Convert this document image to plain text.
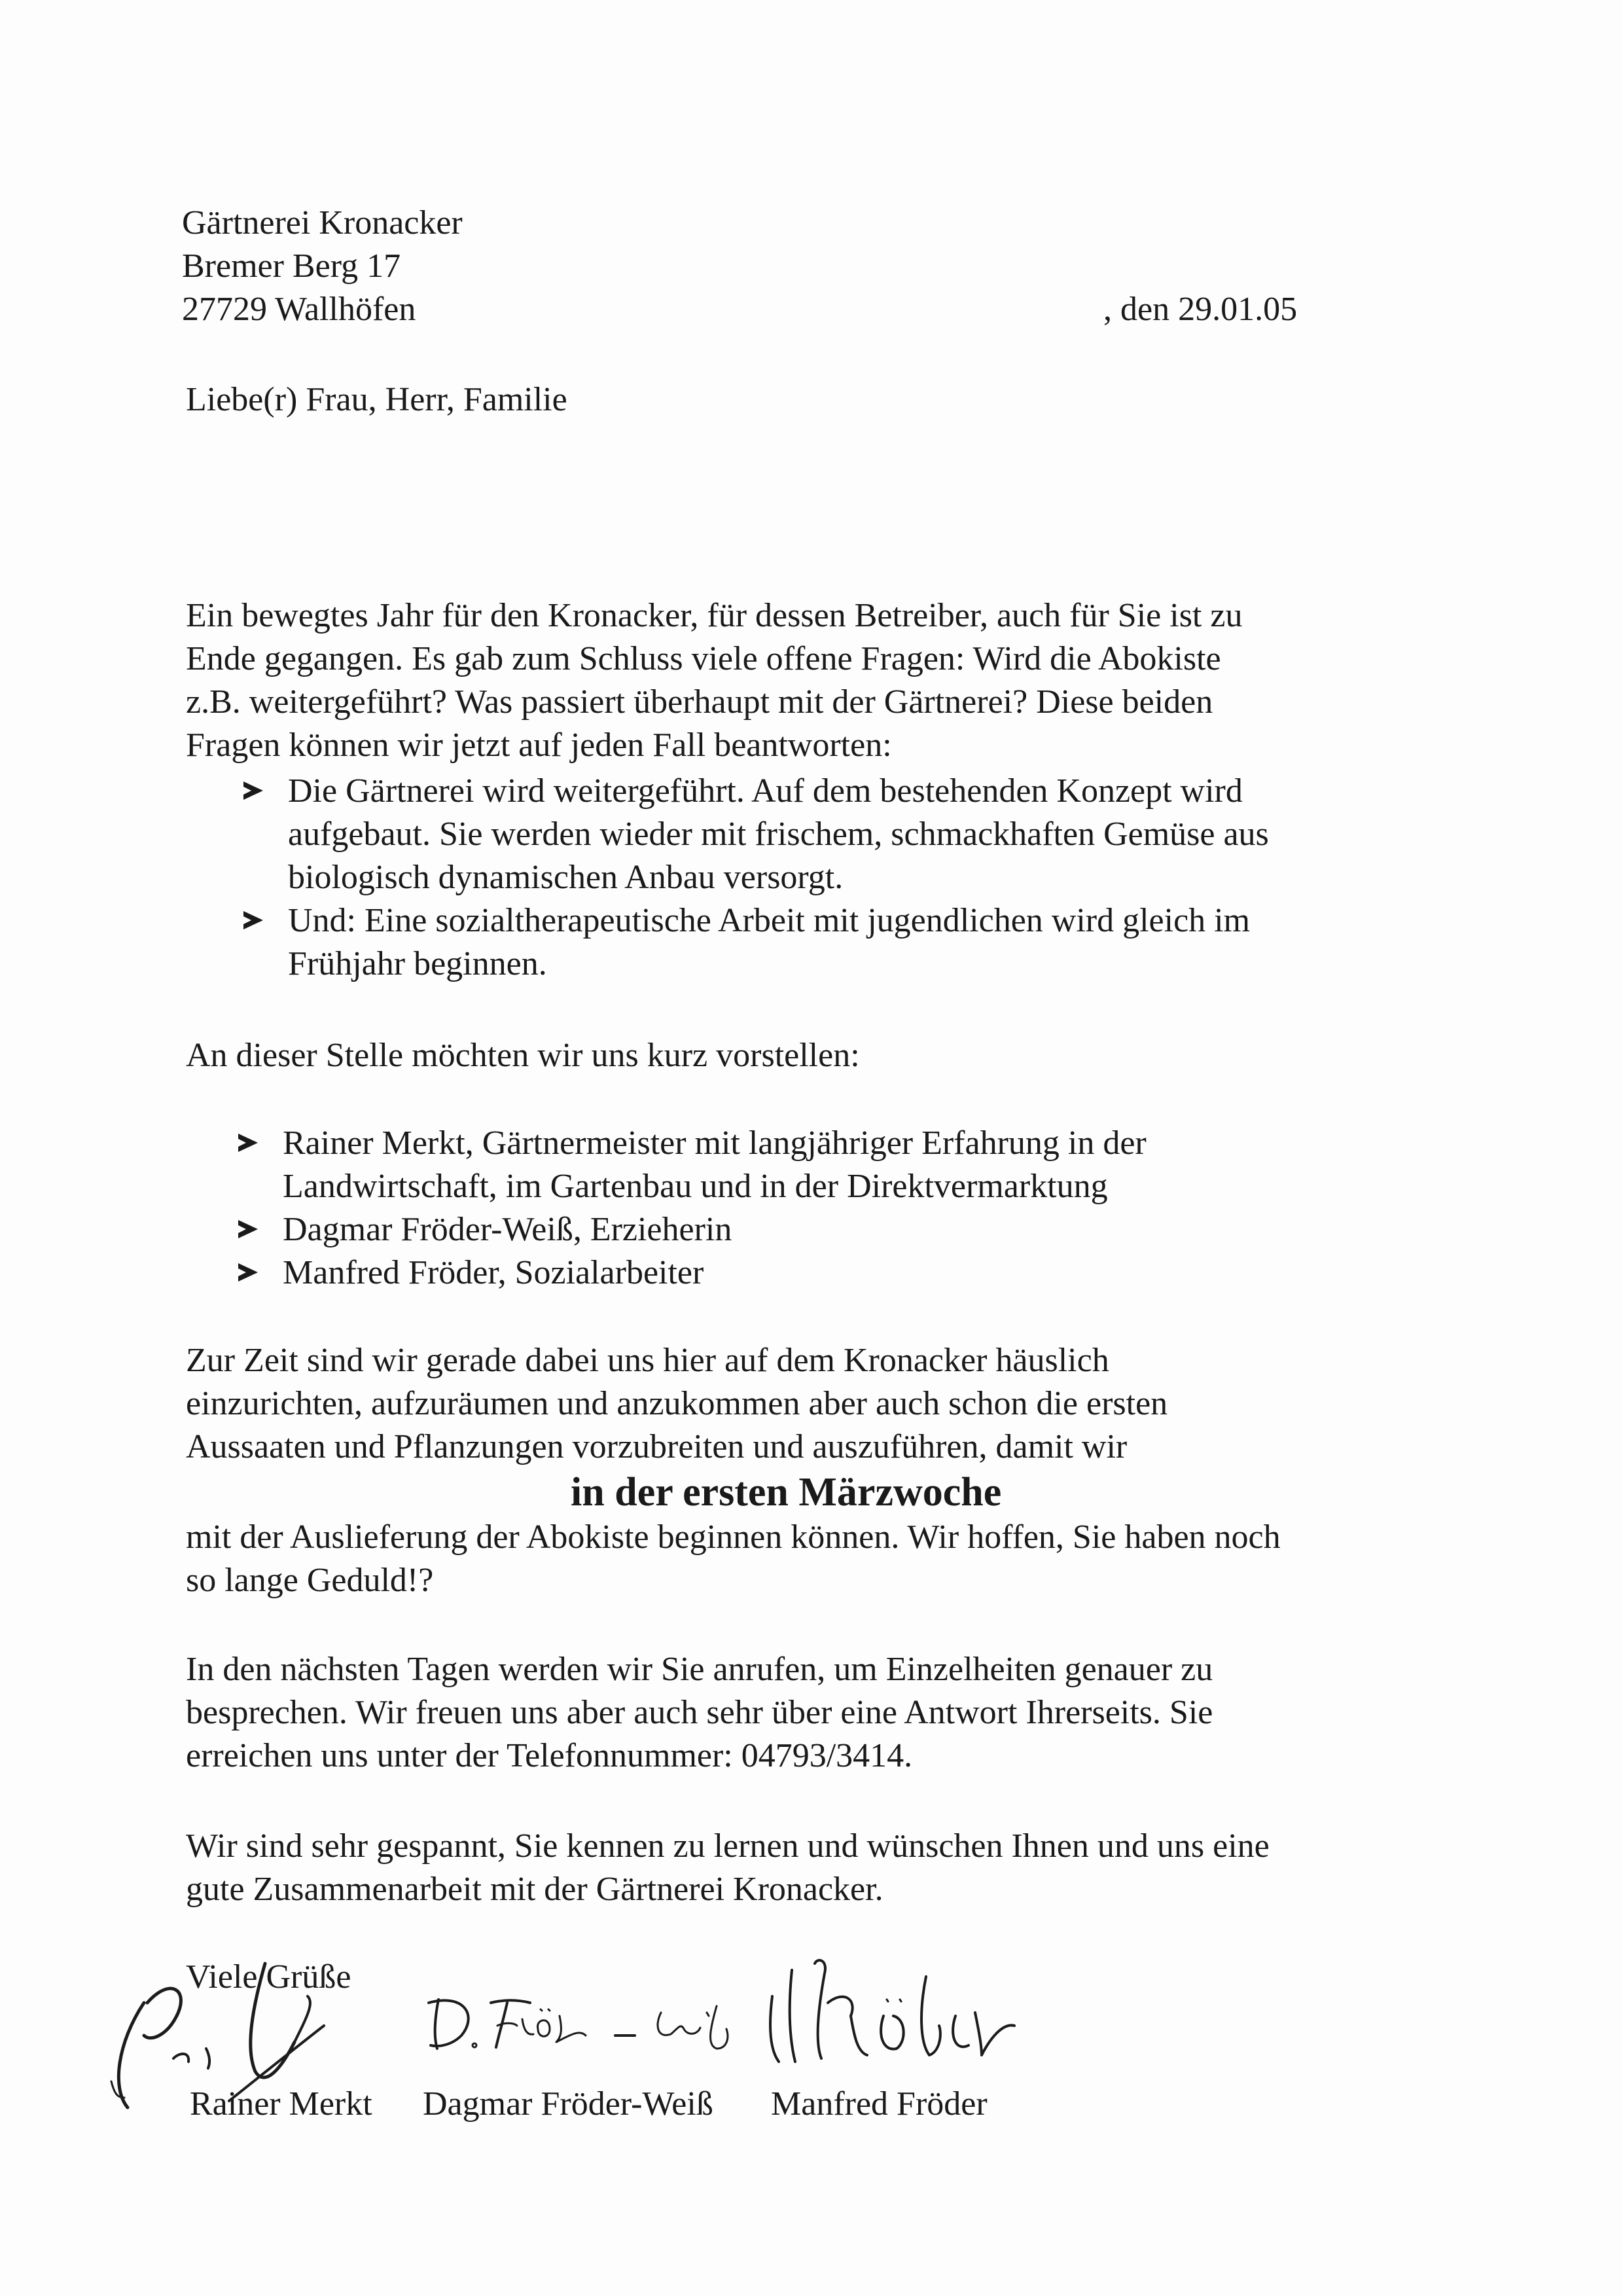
Gärtnerei Kronacker
Bremer Berg 17
27729 Wallhöfen	, den 29.01.05
Liebe(r) Frau, Herr, Familie
Ein bewegtes Jahr für den Kronacker, für dessen Betreiber, auch für Sie ist zu
Ende gegangen. Es gab zum Schluss viele offene Fragen: Wird die Abokiste
z.B. weitergeführt? Was passiert überhaupt mit der Gärtnerei? Diese beiden
Fragen können wir jetzt auf jeden Fall beantworten:
Die Gärtnerei wird weitergeführt. Auf dem bestehenden Konzept wird
aufgebaut. Sie werden wieder mit frischem, schmackhaften Gemüse aus
biologisch dynamischen Anbau versorgt.
Und: Eine sozialtherapeutische Arbeit mit jugendlichen wird gleich im
Frühjahr beginnen.
An dieser Stelle möchten wir uns kurz vorstellen:
Rainer Merkt, Gärtnermeister mit langjähriger Erfahrung in der
Landwirtschaft, im Gartenbau und in der Direktvermarktung
Dagmar Fröder-Weiß, Erzieherin
Manfred Fröder, Sozialarbeiter
Zur Zeit sind wir gerade dabei uns hier auf dem Kronacker häuslich
einzurichten, aufzuräumen und anzukommen aber auch schon die ersten
Aussaaten und Pflanzungen vorzubreiten und auszuführen, damit wir
in der ersten Märzwoche
mit der Auslieferung der Abokiste beginnen können. Wir hoffen, Sie haben noch
so lange Geduld!?
In den nächsten Tagen werden wir Sie anrufen, um Einzelheiten genauer zu
besprechen. Wir freuen uns aber auch sehr über eine Antwort Ihrerseits. Sie
erreichen uns unter der Telefonnummer: 04793/3414.
Wir sind sehr gespannt, Sie kennen zu lernen und wünschen Ihnen und uns eine
gute Zusammenarbeit mit der Gärtnerei Kronacker.
Viele Grüße
Rainer Merkt Dagmar Fröder-Weiß Manfred Fröder
